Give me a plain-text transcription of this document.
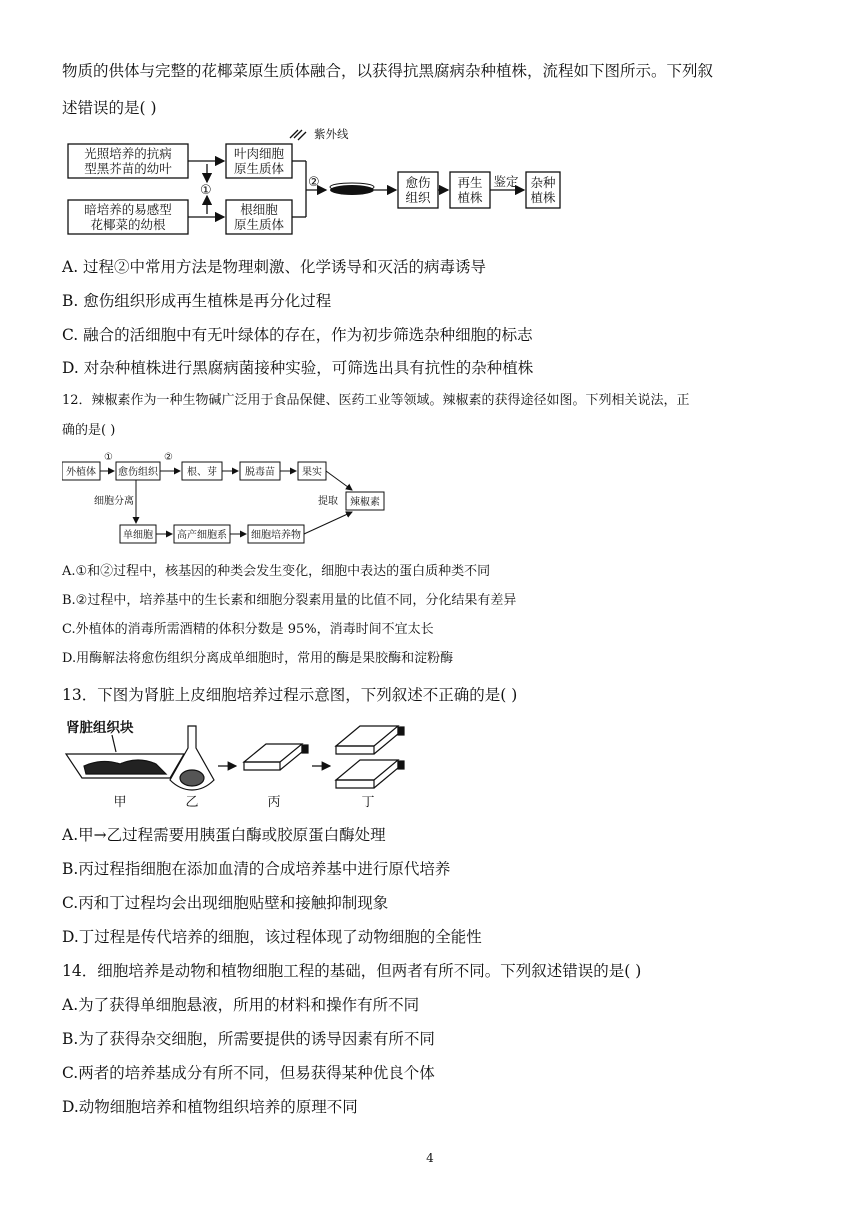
物质的供体与完整的花椰菜原生质体融合，以获得抗黑腐病杂种植株，流程如下图所示。下列叙
述错误的是( )
光照培养的抗病
型黑芥苗的幼叶
暗培养的易感型
花椰菜的幼根
叶肉细胞
原生质体
根细胞
原生质体
紫外线
①
②	愈伤
组织
再生
植株
鉴定 杂种
植株
A. 过程②中常用方法是物理刺激、化学诱导和灭活的病毒诱导
B. 愈伤组织形成再生植株是再分化过程
C. 融合的活细胞中有无叶绿体的存在，作为初步筛选杂种细胞的标志
D. 对杂种植株进行黑腐病菌接种实验，可筛选出具有抗性的杂种植株
12．辣椒素作为一种生物碱广泛用于食品保健、医药工业等领域。辣椒素的获得途径如图。下列相关说法，正
确的是( )
外植体
①
愈伤组织
②
根、芽	脱毒苗	果实
细胞分离	提取 辣椒素
单细胞 高产细胞系 细胞培养物
A.①和②过程中，核基因的种类会发生变化，细胞中表达的蛋白质种类不同
B.②过程中，培养基中的生长素和细胞分裂素用量的比值不同，分化结果有差异
C.外植体的消毒所需酒精的体积分数是 95%，消毒时间不宜太长
D.用酶解法将愈伤组织分离成单细胞时，常用的酶是果胶酶和淀粉酶
13．下图为肾脏上皮细胞培养过程示意图，下列叙述不正确的是( )
肾脏组织块
甲	乙	丙	丁
A.甲→乙过程需要用胰蛋白酶或胶原蛋白酶处理
B.丙过程指细胞在添加血清的合成培养基中进行原代培养
C.丙和丁过程均会出现细胞贴壁和接触抑制现象
D.丁过程是传代培养的细胞，该过程体现了动物细胞的全能性
14．细胞培养是动物和植物细胞工程的基础，但两者有所不同。下列叙述错误的是( )
A.为了获得单细胞悬液，所用的材料和操作有所不同
B.为了获得杂交细胞，所需要提供的诱导因素有所不同
C.两者的培养基成分有所不同，但易获得某种优良个体
D.动物细胞培养和植物组织培养的原理不同
4
